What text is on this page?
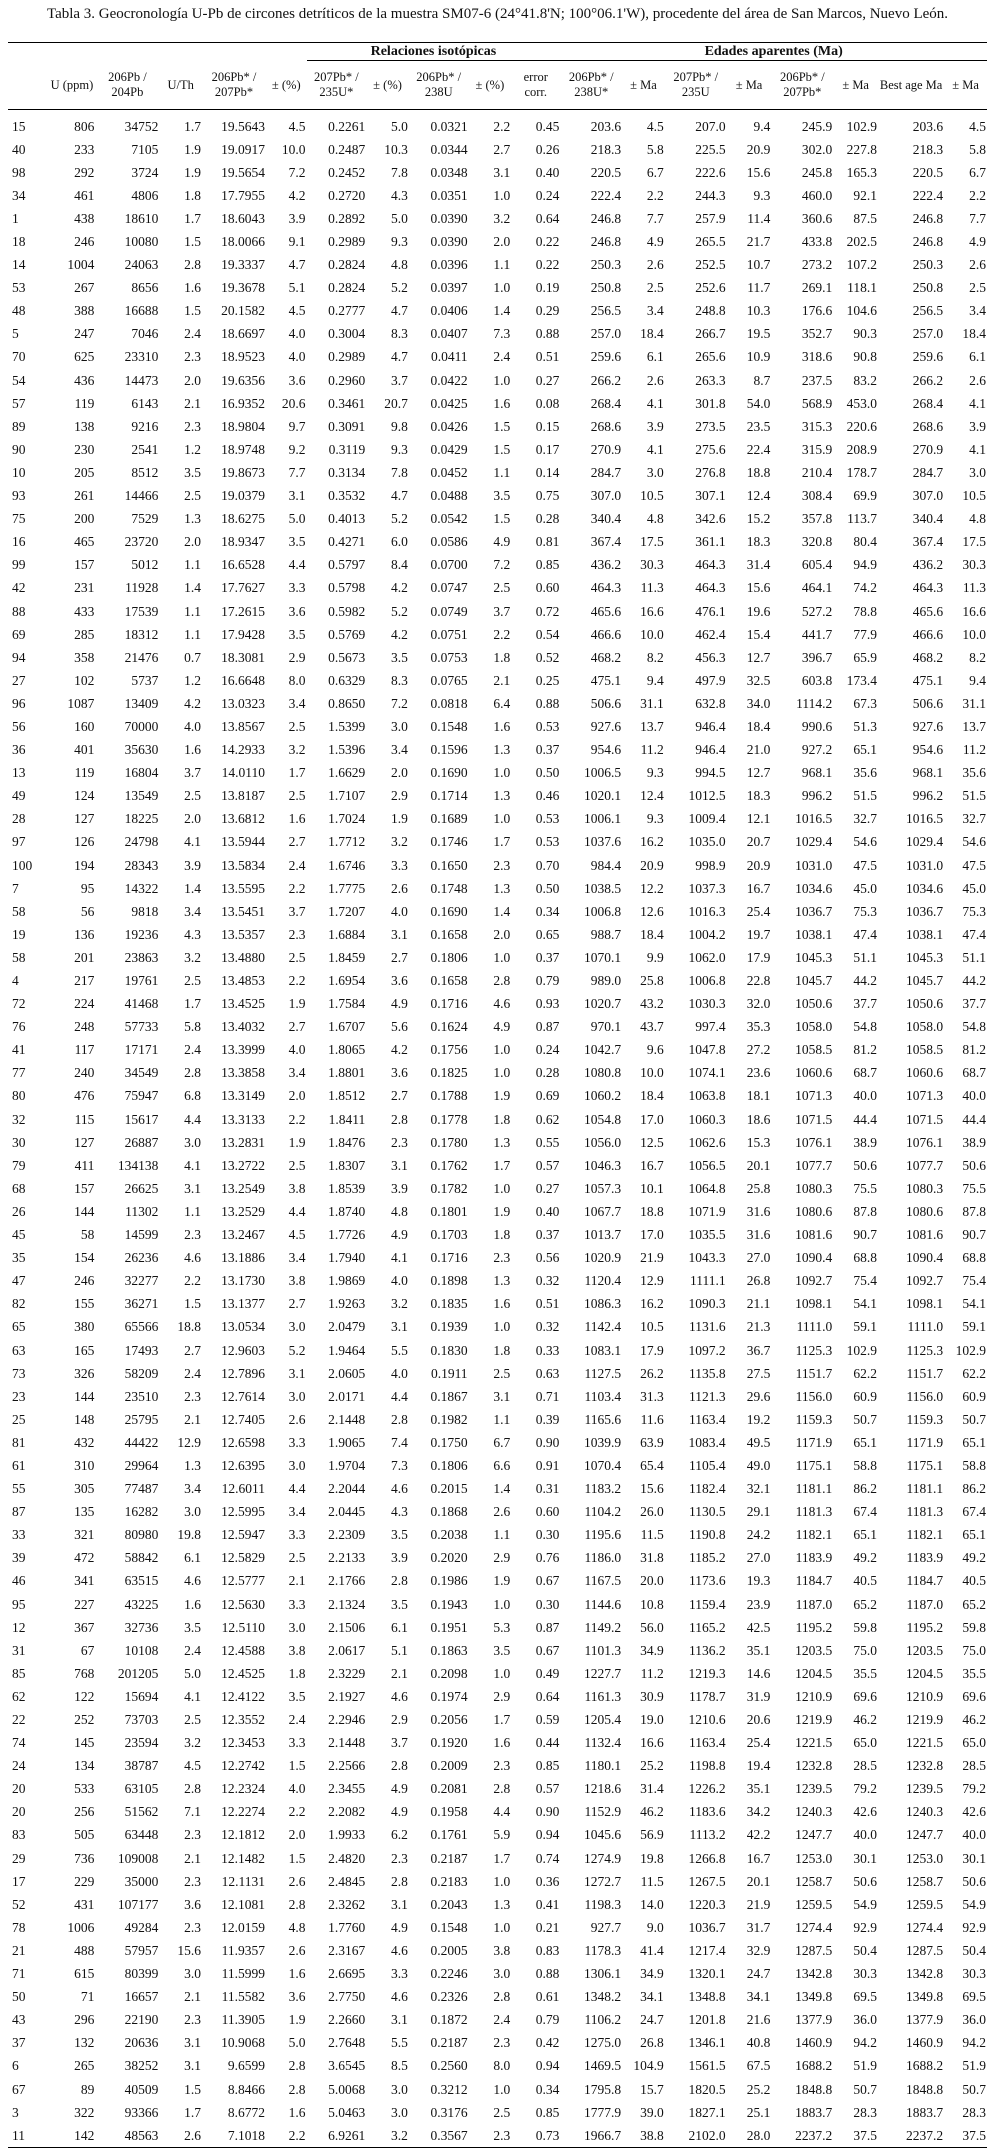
Tabla 3. Geocronología U-Pb de circones detríticos de la muestra SM07-6 (24°41.8'N; 100°06.1'W), procedente del área de San Marcos, Nuevo León.

						Relaciones isotópicas					Edades aparentes (Ma)							

	U (ppm)	206Pb / 204Pb	U/Th	206Pb* / 207Pb*	± (%)	207Pb* / 235U*	± (%)	206Pb* / 238U	± (%)	error corr.	206Pb* / 238U*	± Ma	207Pb* / 235U	± Ma	206Pb* / 207Pb*	± Ma	Best age Ma	± Ma
15	806	34752	1.7	19.5643	4.5	0.2261	5.0	0.0321	2.2	0.45	203.6	4.5	207.0	9.4	245.9	102.9	203.6	4.5
40	233	7105	1.9	19.0917	10.0	0.2487	10.3	0.0344	2.7	0.26	218.3	5.8	225.5	20.9	302.0	227.8	218.3	5.8
98	292	3724	1.9	19.5654	7.2	0.2452	7.8	0.0348	3.1	0.40	220.5	6.7	222.6	15.6	245.8	165.3	220.5	6.7
34	461	4806	1.8	17.7955	4.2	0.2720	4.3	0.0351	1.0	0.24	222.4	2.2	244.3	9.3	460.0	92.1	222.4	2.2
1	438	18610	1.7	18.6043	3.9	0.2892	5.0	0.0390	3.2	0.64	246.8	7.7	257.9	11.4	360.6	87.5	246.8	7.7
18	246	10080	1.5	18.0066	9.1	0.2989	9.3	0.0390	2.0	0.22	246.8	4.9	265.5	21.7	433.8	202.5	246.8	4.9
14	1004	24063	2.8	19.3337	4.7	0.2824	4.8	0.0396	1.1	0.22	250.3	2.6	252.5	10.7	273.2	107.2	250.3	2.6
53	267	8656	1.6	19.3678	5.1	0.2824	5.2	0.0397	1.0	0.19	250.8	2.5	252.6	11.7	269.1	118.1	250.8	2.5
48	388	16688	1.5	20.1582	4.5	0.2777	4.7	0.0406	1.4	0.29	256.5	3.4	248.8	10.3	176.6	104.6	256.5	3.4
5	247	7046	2.4	18.6697	4.0	0.3004	8.3	0.0407	7.3	0.88	257.0	18.4	266.7	19.5	352.7	90.3	257.0	18.4
70	625	23310	2.3	18.9523	4.0	0.2989	4.7	0.0411	2.4	0.51	259.6	6.1	265.6	10.9	318.6	90.8	259.6	6.1
54	436	14473	2.0	19.6356	3.6	0.2960	3.7	0.0422	1.0	0.27	266.2	2.6	263.3	8.7	237.5	83.2	266.2	2.6
57	119	6143	2.1	16.9352	20.6	0.3461	20.7	0.0425	1.6	0.08	268.4	4.1	301.8	54.0	568.9	453.0	268.4	4.1
89	138	9216	2.3	18.9804	9.7	0.3091	9.8	0.0426	1.5	0.15	268.6	3.9	273.5	23.5	315.3	220.6	268.6	3.9
90	230	2541	1.2	18.9748	9.2	0.3119	9.3	0.0429	1.5	0.17	270.9	4.1	275.6	22.4	315.9	208.9	270.9	4.1
10	205	8512	3.5	19.8673	7.7	0.3134	7.8	0.0452	1.1	0.14	284.7	3.0	276.8	18.8	210.4	178.7	284.7	3.0
93	261	14466	2.5	19.0379	3.1	0.3532	4.7	0.0488	3.5	0.75	307.0	10.5	307.1	12.4	308.4	69.9	307.0	10.5
75	200	7529	1.3	18.6275	5.0	0.4013	5.2	0.0542	1.5	0.28	340.4	4.8	342.6	15.2	357.8	113.7	340.4	4.8
16	465	23720	2.0	18.9347	3.5	0.4271	6.0	0.0586	4.9	0.81	367.4	17.5	361.1	18.3	320.8	80.4	367.4	17.5
99	157	5012	1.1	16.6528	4.4	0.5797	8.4	0.0700	7.2	0.85	436.2	30.3	464.3	31.4	605.4	94.9	436.2	30.3
42	231	11928	1.4	17.7627	3.3	0.5798	4.2	0.0747	2.5	0.60	464.3	11.3	464.3	15.6	464.1	74.2	464.3	11.3
88	433	17539	1.1	17.2615	3.6	0.5982	5.2	0.0749	3.7	0.72	465.6	16.6	476.1	19.6	527.2	78.8	465.6	16.6
69	285	18312	1.1	17.9428	3.5	0.5769	4.2	0.0751	2.2	0.54	466.6	10.0	462.4	15.4	441.7	77.9	466.6	10.0
94	358	21476	0.7	18.3081	2.9	0.5673	3.5	0.0753	1.8	0.52	468.2	8.2	456.3	12.7	396.7	65.9	468.2	8.2
27	102	5737	1.2	16.6648	8.0	0.6329	8.3	0.0765	2.1	0.25	475.1	9.4	497.9	32.5	603.8	173.4	475.1	9.4
96	1087	13409	4.2	13.0323	3.4	0.8650	7.2	0.0818	6.4	0.88	506.6	31.1	632.8	34.0	1114.2	67.3	506.6	31.1
56	160	70000	4.0	13.8567	2.5	1.5399	3.0	0.1548	1.6	0.53	927.6	13.7	946.4	18.4	990.6	51.3	927.6	13.7
36	401	35630	1.6	14.2933	3.2	1.5396	3.4	0.1596	1.3	0.37	954.6	11.2	946.4	21.0	927.2	65.1	954.6	11.2
13	119	16804	3.7	14.0110	1.7	1.6629	2.0	0.1690	1.0	0.50	1006.5	9.3	994.5	12.7	968.1	35.6	968.1	35.6
49	124	13549	2.5	13.8187	2.5	1.7107	2.9	0.1714	1.3	0.46	1020.1	12.4	1012.5	18.3	996.2	51.5	996.2	51.5
28	127	18225	2.0	13.6812	1.6	1.7024	1.9	0.1689	1.0	0.53	1006.1	9.3	1009.4	12.1	1016.5	32.7	1016.5	32.7
97	126	24798	4.1	13.5944	2.7	1.7712	3.2	0.1746	1.7	0.53	1037.6	16.2	1035.0	20.7	1029.4	54.6	1029.4	54.6
100	194	28343	3.9	13.5834	2.4	1.6746	3.3	0.1650	2.3	0.70	984.4	20.9	998.9	20.9	1031.0	47.5	1031.0	47.5
7	95	14322	1.4	13.5595	2.2	1.7775	2.6	0.1748	1.3	0.50	1038.5	12.2	1037.3	16.7	1034.6	45.0	1034.6	45.0
58	56	9818	3.4	13.5451	3.7	1.7207	4.0	0.1690	1.4	0.34	1006.8	12.6	1016.3	25.4	1036.7	75.3	1036.7	75.3
19	136	19236	4.3	13.5357	2.3	1.6884	3.1	0.1658	2.0	0.65	988.7	18.4	1004.2	19.7	1038.1	47.4	1038.1	47.4
58	201	23863	3.2	13.4880	2.5	1.8459	2.7	0.1806	1.0	0.37	1070.1	9.9	1062.0	17.9	1045.3	51.1	1045.3	51.1
4	217	19761	2.5	13.4853	2.2	1.6954	3.6	0.1658	2.8	0.79	989.0	25.8	1006.8	22.8	1045.7	44.2	1045.7	44.2
72	224	41468	1.7	13.4525	1.9	1.7584	4.9	0.1716	4.6	0.93	1020.7	43.2	1030.3	32.0	1050.6	37.7	1050.6	37.7
76	248	57733	5.8	13.4032	2.7	1.6707	5.6	0.1624	4.9	0.87	970.1	43.7	997.4	35.3	1058.0	54.8	1058.0	54.8
41	117	17171	2.4	13.3999	4.0	1.8065	4.2	0.1756	1.0	0.24	1042.7	9.6	1047.8	27.2	1058.5	81.2	1058.5	81.2
77	240	34549	2.8	13.3858	3.4	1.8801	3.6	0.1825	1.0	0.28	1080.8	10.0	1074.1	23.6	1060.6	68.7	1060.6	68.7
80	476	75947	6.8	13.3149	2.0	1.8512	2.7	0.1788	1.9	0.69	1060.2	18.4	1063.8	18.1	1071.3	40.0	1071.3	40.0
32	115	15617	4.4	13.3133	2.2	1.8411	2.8	0.1778	1.8	0.62	1054.8	17.0	1060.3	18.6	1071.5	44.4	1071.5	44.4
30	127	26887	3.0	13.2831	1.9	1.8476	2.3	0.1780	1.3	0.55	1056.0	12.5	1062.6	15.3	1076.1	38.9	1076.1	38.9
79	411	134138	4.1	13.2722	2.5	1.8307	3.1	0.1762	1.7	0.57	1046.3	16.7	1056.5	20.1	1077.7	50.6	1077.7	50.6
68	157	26625	3.1	13.2549	3.8	1.8539	3.9	0.1782	1.0	0.27	1057.3	10.1	1064.8	25.8	1080.3	75.5	1080.3	75.5
26	144	11302	1.1	13.2529	4.4	1.8740	4.8	0.1801	1.9	0.40	1067.7	18.8	1071.9	31.6	1080.6	87.8	1080.6	87.8
45	58	14599	2.3	13.2467	4.5	1.7726	4.9	0.1703	1.8	0.37	1013.7	17.0	1035.5	31.6	1081.6	90.7	1081.6	90.7
35	154	26236	4.6	13.1886	3.4	1.7940	4.1	0.1716	2.3	0.56	1020.9	21.9	1043.3	27.0	1090.4	68.8	1090.4	68.8
47	246	32277	2.2	13.1730	3.8	1.9869	4.0	0.1898	1.3	0.32	1120.4	12.9	1111.1	26.8	1092.7	75.4	1092.7	75.4
82	155	36271	1.5	13.1377	2.7	1.9263	3.2	0.1835	1.6	0.51	1086.3	16.2	1090.3	21.1	1098.1	54.1	1098.1	54.1
65	380	65566	18.8	13.0534	3.0	2.0479	3.1	0.1939	1.0	0.32	1142.4	10.5	1131.6	21.3	1111.0	59.1	1111.0	59.1
63	165	17493	2.7	12.9603	5.2	1.9464	5.5	0.1830	1.8	0.33	1083.1	17.9	1097.2	36.7	1125.3	102.9	1125.3	102.9
73	326	58209	2.4	12.7896	3.1	2.0605	4.0	0.1911	2.5	0.63	1127.5	26.2	1135.8	27.5	1151.7	62.2	1151.7	62.2
23	144	23510	2.3	12.7614	3.0	2.0171	4.4	0.1867	3.1	0.71	1103.4	31.3	1121.3	29.6	1156.0	60.9	1156.0	60.9
25	148	25795	2.1	12.7405	2.6	2.1448	2.8	0.1982	1.1	0.39	1165.6	11.6	1163.4	19.2	1159.3	50.7	1159.3	50.7
81	432	44422	12.9	12.6598	3.3	1.9065	7.4	0.1750	6.7	0.90	1039.9	63.9	1083.4	49.5	1171.9	65.1	1171.9	65.1
61	310	29964	1.3	12.6395	3.0	1.9704	7.3	0.1806	6.6	0.91	1070.4	65.4	1105.4	49.0	1175.1	58.8	1175.1	58.8
55	305	77487	3.4	12.6011	4.4	2.2044	4.6	0.2015	1.4	0.31	1183.2	15.6	1182.4	32.1	1181.1	86.2	1181.1	86.2
87	135	16282	3.0	12.5995	3.4	2.0445	4.3	0.1868	2.6	0.60	1104.2	26.0	1130.5	29.1	1181.3	67.4	1181.3	67.4
33	321	80980	19.8	12.5947	3.3	2.2309	3.5	0.2038	1.1	0.30	1195.6	11.5	1190.8	24.2	1182.1	65.1	1182.1	65.1
39	472	58842	6.1	12.5829	2.5	2.2133	3.9	0.2020	2.9	0.76	1186.0	31.8	1185.2	27.0	1183.9	49.2	1183.9	49.2
46	341	63515	4.6	12.5777	2.1	2.1766	2.8	0.1986	1.9	0.67	1167.5	20.0	1173.6	19.3	1184.7	40.5	1184.7	40.5
95	227	43225	1.6	12.5630	3.3	2.1324	3.5	0.1943	1.0	0.30	1144.6	10.8	1159.4	23.9	1187.0	65.2	1187.0	65.2
12	367	32736	3.5	12.5110	3.0	2.1506	6.1	0.1951	5.3	0.87	1149.2	56.0	1165.2	42.5	1195.2	59.8	1195.2	59.8
31	67	10108	2.4	12.4588	3.8	2.0617	5.1	0.1863	3.5	0.67	1101.3	34.9	1136.2	35.1	1203.5	75.0	1203.5	75.0
85	768	201205	5.0	12.4525	1.8	2.3229	2.1	0.2098	1.0	0.49	1227.7	11.2	1219.3	14.6	1204.5	35.5	1204.5	35.5
62	122	15694	4.1	12.4122	3.5	2.1927	4.6	0.1974	2.9	0.64	1161.3	30.9	1178.7	31.9	1210.9	69.6	1210.9	69.6
22	252	73703	2.5	12.3552	2.4	2.2946	2.9	0.2056	1.7	0.59	1205.4	19.0	1210.6	20.6	1219.9	46.2	1219.9	46.2
74	145	23594	3.2	12.3453	3.3	2.1448	3.7	0.1920	1.6	0.44	1132.4	16.6	1163.4	25.4	1221.5	65.0	1221.5	65.0
24	134	38787	4.5	12.2742	1.5	2.2566	2.8	0.2009	2.3	0.85	1180.1	25.2	1198.8	19.4	1232.8	28.5	1232.8	28.5
20	533	63105	2.8	12.2324	4.0	2.3455	4.9	0.2081	2.8	0.57	1218.6	31.4	1226.2	35.1	1239.5	79.2	1239.5	79.2
20	256	51562	7.1	12.2274	2.2	2.2082	4.9	0.1958	4.4	0.90	1152.9	46.2	1183.6	34.2	1240.3	42.6	1240.3	42.6
83	505	63448	2.3	12.1812	2.0	1.9933	6.2	0.1761	5.9	0.94	1045.6	56.9	1113.2	42.2	1247.7	40.0	1247.7	40.0
29	736	109008	2.1	12.1482	1.5	2.4820	2.3	0.2187	1.7	0.74	1274.9	19.8	1266.8	16.7	1253.0	30.1	1253.0	30.1
17	229	35000	2.3	12.1131	2.6	2.4845	2.8	0.2183	1.0	0.36	1272.7	11.5	1267.5	20.1	1258.7	50.6	1258.7	50.6
52	431	107177	3.6	12.1081	2.8	2.3262	3.1	0.2043	1.3	0.41	1198.3	14.0	1220.3	21.9	1259.5	54.9	1259.5	54.9
78	1006	49284	2.3	12.0159	4.8	1.7760	4.9	0.1548	1.0	0.21	927.7	9.0	1036.7	31.7	1274.4	92.9	1274.4	92.9
21	488	57957	15.6	11.9357	2.6	2.3167	4.6	0.2005	3.8	0.83	1178.3	41.4	1217.4	32.9	1287.5	50.4	1287.5	50.4
71	615	80399	3.0	11.5999	1.6	2.6695	3.3	0.2246	3.0	0.88	1306.1	34.9	1320.1	24.7	1342.8	30.3	1342.8	30.3
50	71	16657	2.1	11.5582	3.6	2.7750	4.6	0.2326	2.8	0.61	1348.2	34.1	1348.8	34.1	1349.8	69.5	1349.8	69.5
43	296	22190	2.3	11.3905	1.9	2.2660	3.1	0.1872	2.4	0.79	1106.2	24.7	1201.8	21.6	1377.9	36.0	1377.9	36.0
37	132	20636	3.1	10.9068	5.0	2.7648	5.5	0.2187	2.3	0.42	1275.0	26.8	1346.1	40.8	1460.9	94.2	1460.9	94.2
6	265	38252	3.1	9.6599	2.8	3.6545	8.5	0.2560	8.0	0.94	1469.5	104.9	1561.5	67.5	1688.2	51.9	1688.2	51.9
67	89	40509	1.5	8.8466	2.8	5.0068	3.0	0.3212	1.0	0.34	1795.8	15.7	1820.5	25.2	1848.8	50.7	1848.8	50.7
3	322	93366	1.7	8.6772	1.6	5.0463	3.0	0.3176	2.5	0.85	1777.9	39.0	1827.1	25.1	1883.7	28.3	1883.7	28.3
11	142	48563	2.6	7.1018	2.2	6.9261	3.2	0.3567	2.3	0.73	1966.7	38.8	2102.0	28.0	2237.2	37.5	2237.2	37.5
